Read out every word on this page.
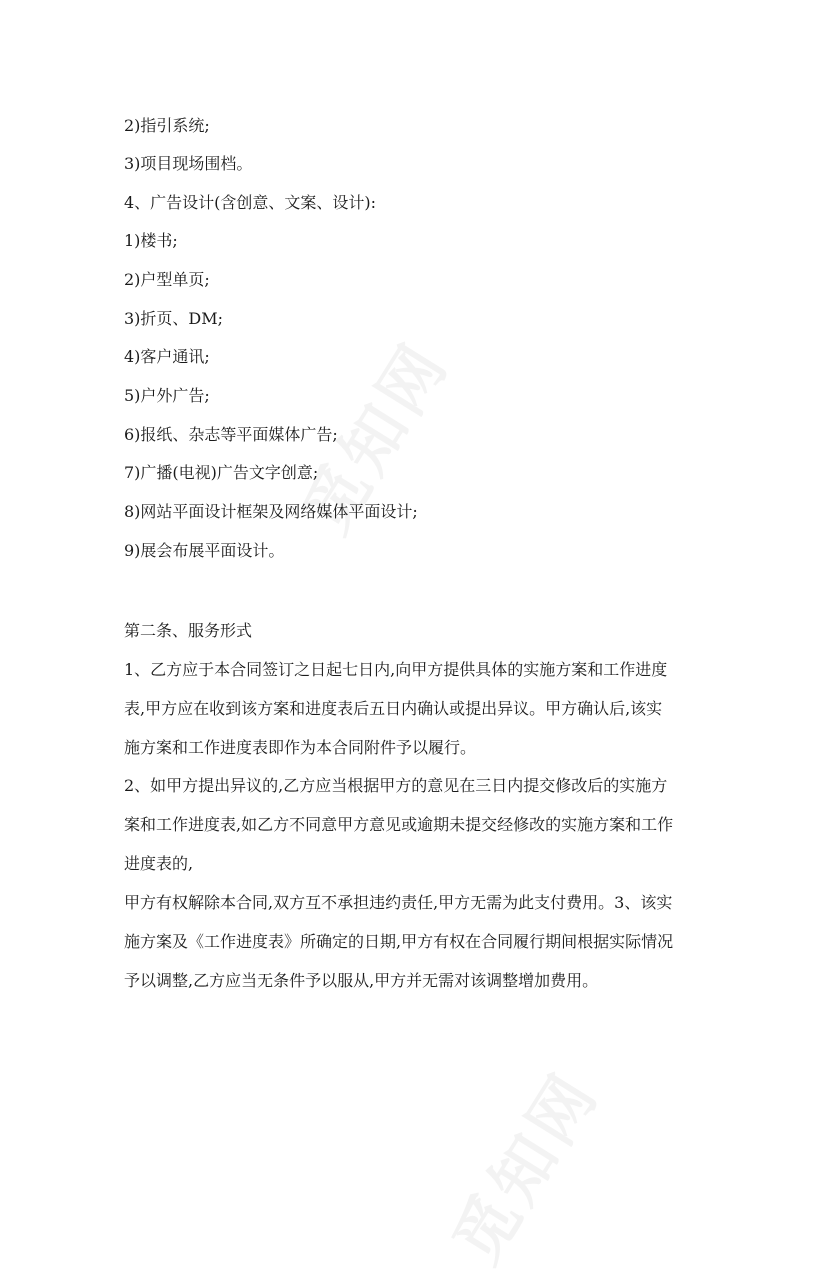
2)指引系统;

3)项目现场围档。

4、广告设计(含创意、文案、设计):

1)楼书;

2)户型单页;

3)折页、DM;

4)客户通讯;

5)户外广告;

6)报纸、杂志等平面媒体广告;

7)广播(电视)广告文字创意;

8)网站平面设计框架及网络媒体平面设计;

9)展会布展平面设计。

第二条、服务形式

1、乙方应于本合同签订之日起七日内,向甲方提供具体的实施方案和工作进度

表,甲方应在收到该方案和进度表后五日内确认或提出异议。甲方确认后,该实

施方案和工作进度表即作为本合同附件予以履行。

2、如甲方提出异议的,乙方应当根据甲方的意见在三日内提交修改后的实施方

案和工作进度表,如乙方不同意甲方意见或逾期未提交经修改的实施方案和工作

进度表的,

甲方有权解除本合同,双方互不承担违约责任,甲方无需为此支付费用。3、该实

施方案及《工作进度表》所确定的日期,甲方有权在合同履行期间根据实际情况

予以调整,乙方应当无条件予以服从,甲方并无需对该调整增加费用。
